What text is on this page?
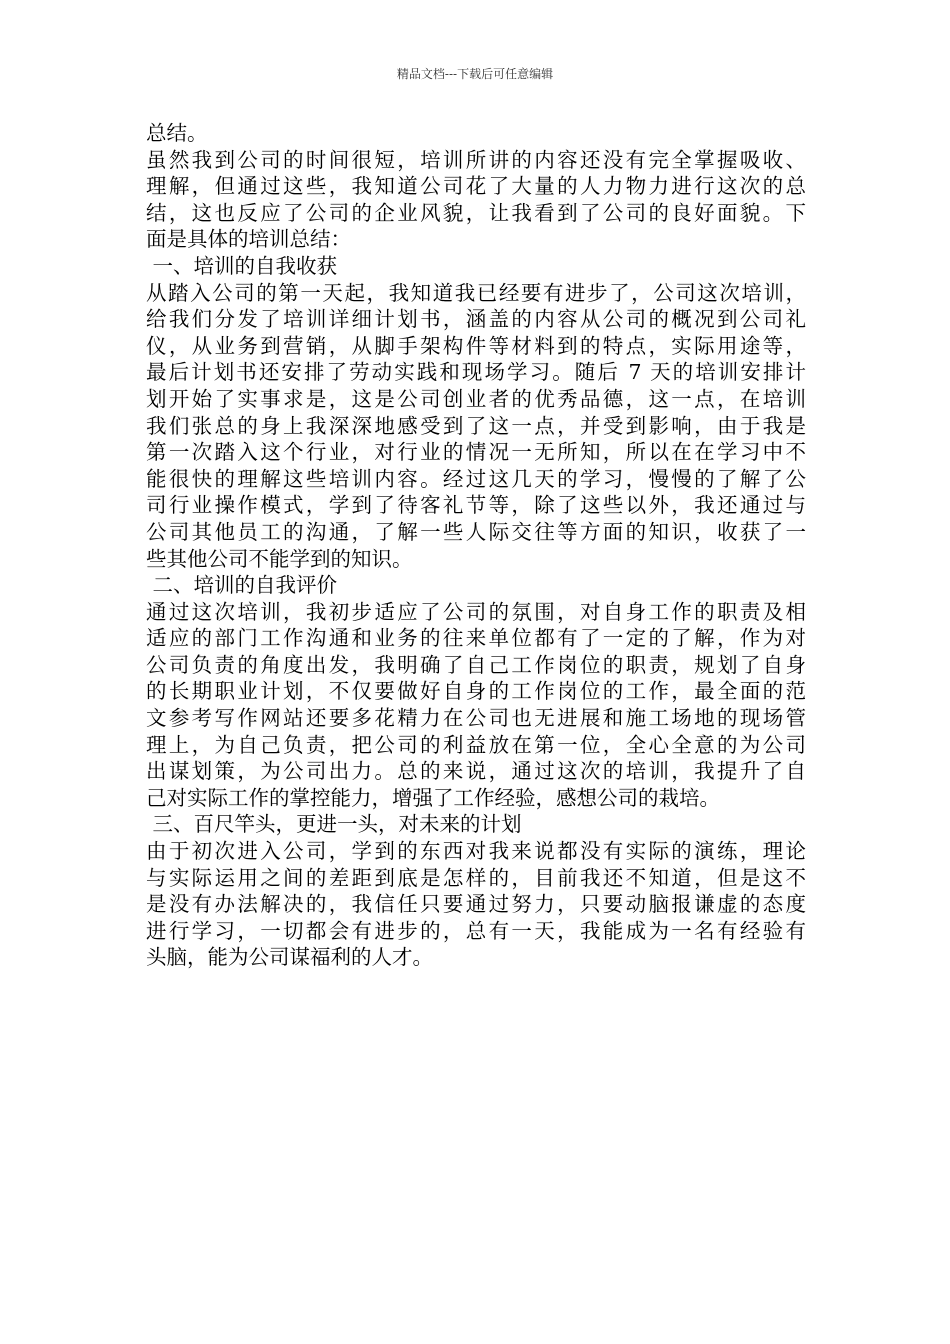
精品文档---下载后可任意编辑
总结。
虽然我到公司的时间很短，培训所讲的内容还没有完全掌握吸收、
理解，但通过这些，我知道公司花了大量的人力物力进行这次的总
结，这也反应了公司的企业风貌，让我看到了公司的良好面貌。下
面是具体的培训总结：
一、培训的自我收获
从踏入公司的第一天起，我知道我已经要有进步了，公司这次培训，
给我们分发了培训详细计划书，涵盖的内容从公司的概况到公司礼
仪，从业务到营销，从脚手架构件等材料到的特点，实际用途等，
最后计划书还安排了劳动实践和现场学习。随后 7 天的培训安排计
划开始了实事求是，这是公司创业者的优秀品德，这一点，在培训
我们张总的身上我深深地感受到了这一点，并受到影响，由于我是
第一次踏入这个行业，对行业的情况一无所知，所以在在学习中不
能很快的理解这些培训内容。经过这几天的学习，慢慢的了解了公
司行业操作模式，学到了待客礼节等，除了这些以外，我还通过与
公司其他员工的沟通，了解一些人际交往等方面的知识，收获了一
些其他公司不能学到的知识。
二、培训的自我评价
通过这次培训，我初步适应了公司的氛围，对自身工作的职责及相
适应的部门工作沟通和业务的往来单位都有了一定的了解，作为对
公司负责的角度出发，我明确了自己工作岗位的职责，规划了自身
的长期职业计划，不仅要做好自身的工作岗位的工作，最全面的范
文参考写作网站还要多花精力在公司也无进展和施工场地的现场管
理上，为自己负责，把公司的利益放在第一位，全心全意的为公司
出谋划策，为公司出力。总的来说，通过这次的培训，我提升了自
己对实际工作的掌控能力，增强了工作经验，感想公司的栽培。
三、百尺竿头，更进一头，对未来的计划
由于初次进入公司，学到的东西对我来说都没有实际的演练，理论
与实际运用之间的差距到底是怎样的，目前我还不知道，但是这不
是没有办法解决的，我信任只要通过努力，只要动脑报谦虚的态度
进行学习，一切都会有进步的，总有一天，我能成为一名有经验有
头脑，能为公司谋福利的人才。
